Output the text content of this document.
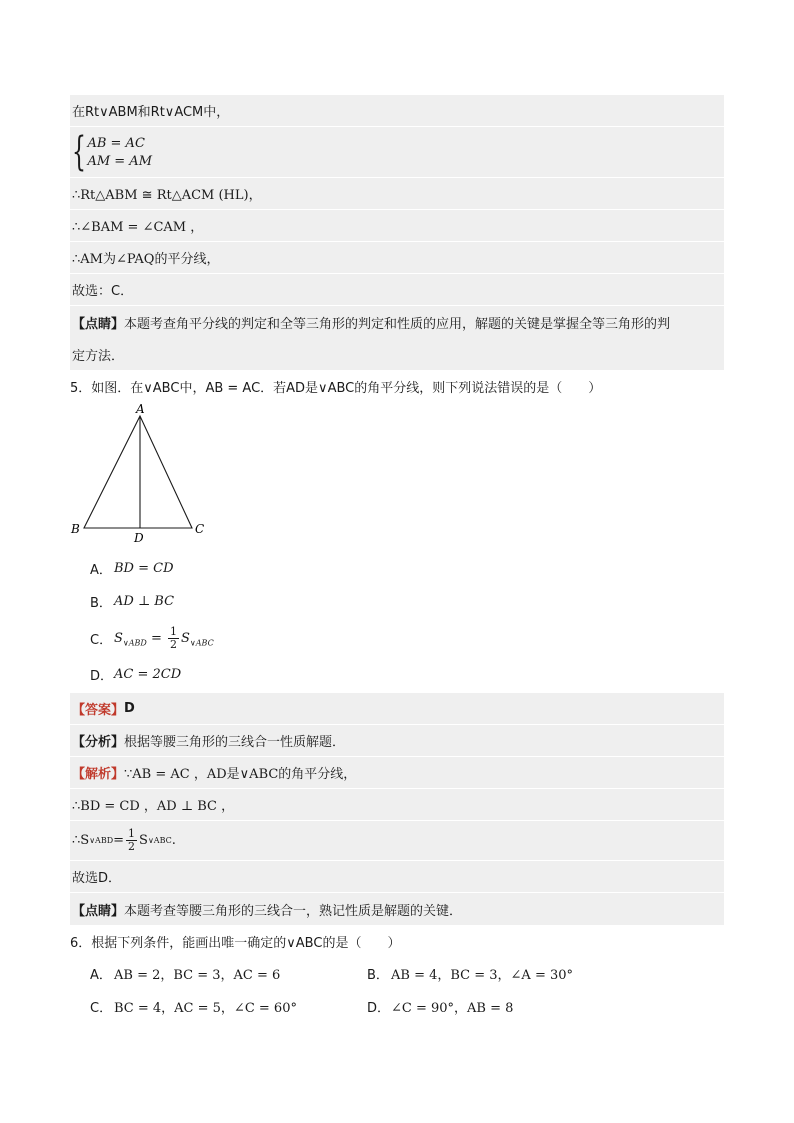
在Rt∨ABM和Rt∨ACM中，
{ AB = AC
AM = AM
∴Rt△ABM ≅ Rt△ACM (HL)，
∴∠BAM = ∠CAM ，
∴AM为∠PAQ的平分线，
故选：C．
【点睛】 本题考查角平分线的判定和全等三角形的判定和性质的应用，解题的关键是掌握全等三角形的判
定方法．
5．如图．在∨ABC中，AB = AC．若AD是∨ABC的角平分线，则下列说法错误的是（　　）
A
B	C
D
A． BD = CD
B． AD ⊥ BC
C． $S_{\vee ABD} = \frac{1}{2} S_{\vee ABC}$
D． AC = 2CD
【答案】 D
【分析】 根据等腰三角形的三线合一性质解题．
【解析】 ∵AB = AC ，AD是∨ABC的角平分线，
∴BD = CD ，AD ⊥ BC ，
∴S ∨ABD = $\frac{1}{2}$ S ∨ABC .
故选D．
【点睛】 本题考查等腰三角形的三线合一，熟记性质是解题的关键．
6．根据下列条件，能画出唯一确定的∨ABC的是（　　）
A． AB = 2，BC = 3，AC = 6	B． AB = 4，BC = 3，∠A = 30°
C． BC = 4，AC = 5，∠C = 60°	D． ∠C = 90°，AB = 8
